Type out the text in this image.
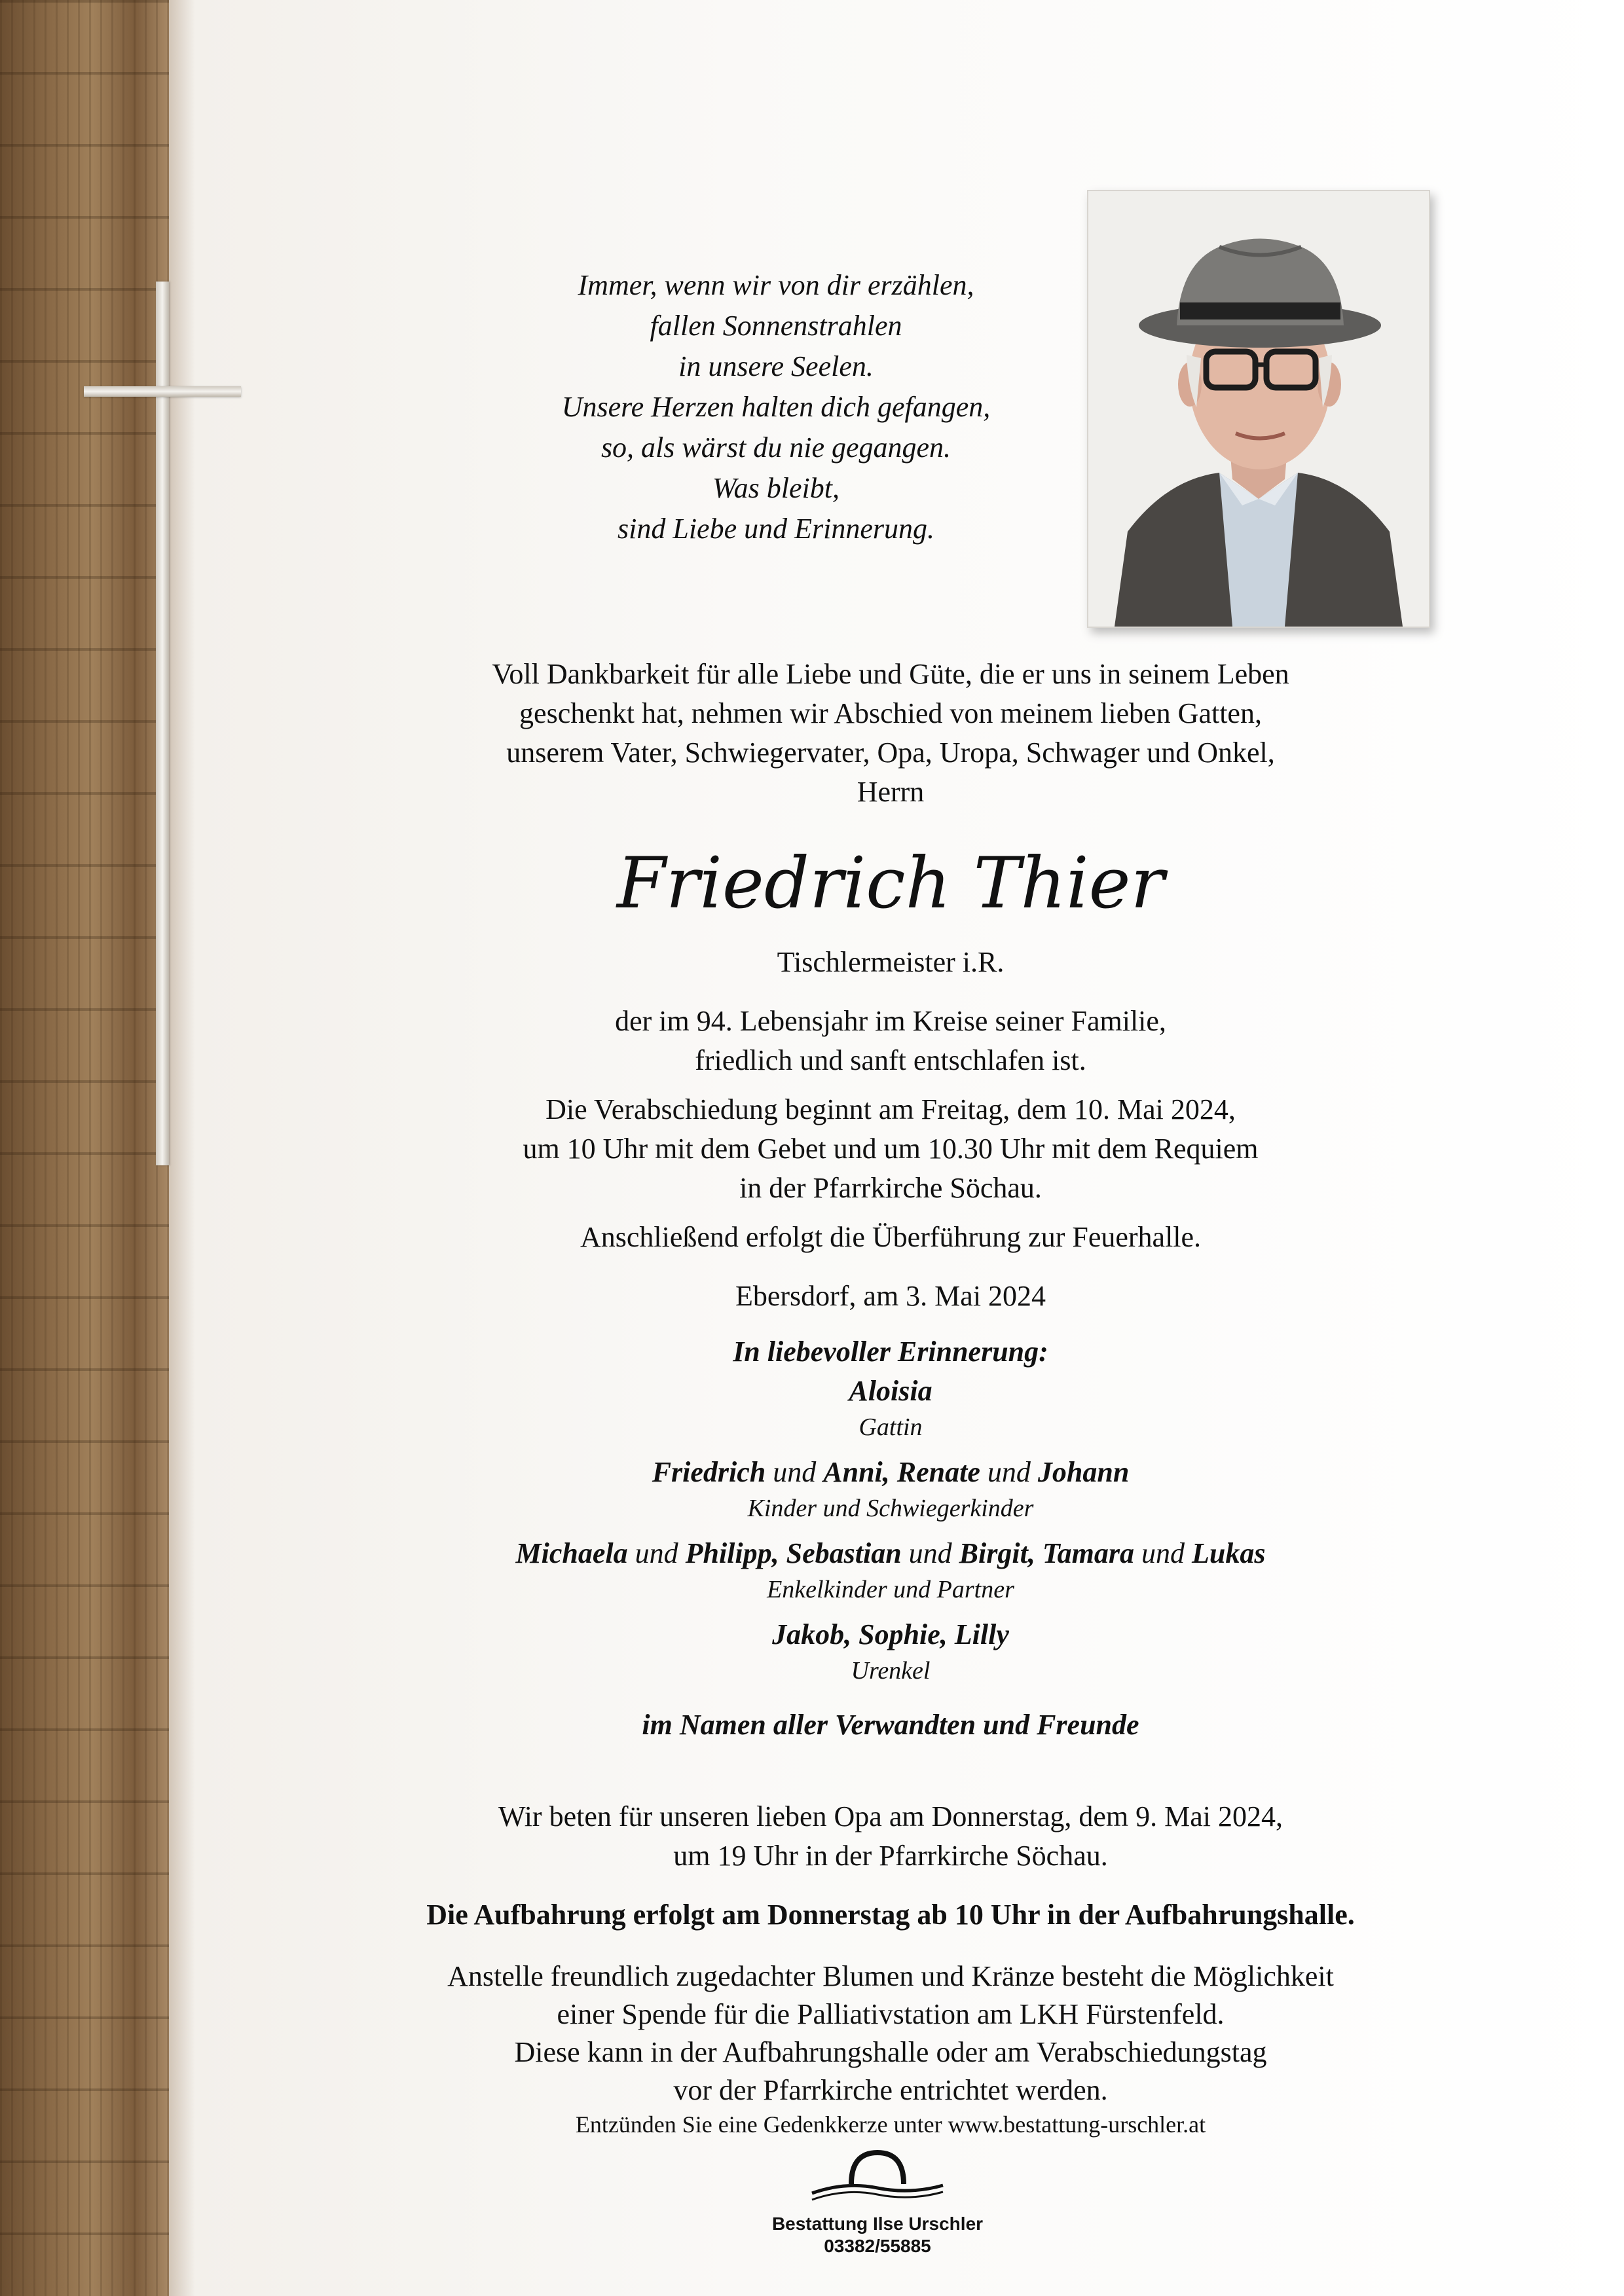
Immer, wenn wir von dir erzählen,
fallen Sonnenstrahlen
in unsere Seelen.
Unsere Herzen halten dich gefangen,
so, als wärst du nie gegangen.
Was bleibt,
sind Liebe und Erinnerung.
Voll Dankbarkeit für alle Liebe und Güte, die er uns in seinem Leben
geschenkt hat, nehmen wir Abschied von meinem lieben Gatten,
unserem Vater, Schwiegervater, Opa, Uropa, Schwager und Onkel,
Herrn
Friedrich Thier
Tischlermeister i.R.
der im 94. Lebensjahr im Kreise seiner Familie,
friedlich und sanft entschlafen ist.
Die Verabschiedung beginnt am Freitag, dem 10. Mai 2024,
um 10 Uhr mit dem Gebet und um 10.30 Uhr mit dem Requiem
in der Pfarrkirche Söchau.
Anschließend erfolgt die Überführung zur Feuerhalle.
Ebersdorf, am 3. Mai 2024
In liebevoller Erinnerung:
Aloisia
Gattin
Friedrich und Anni, Renate und Johann
Kinder und Schwiegerkinder
Michaela und Philipp, Sebastian und Birgit, Tamara und Lukas
Enkelkinder und Partner
Jakob, Sophie, Lilly
Urenkel
im Namen aller Verwandten und Freunde
Wir beten für unseren lieben Opa am Donnerstag, dem 9. Mai 2024,
um 19 Uhr in der Pfarrkirche Söchau.
Die Aufbahrung erfolgt am Donnerstag ab 10 Uhr in der Aufbahrungshalle.
Anstelle freundlich zugedachter Blumen und Kränze besteht die Möglichkeit
einer Spende für die Palliativstation am LKH Fürstenfeld.
Diese kann in der Aufbahrungshalle oder am Verabschiedungstag
vor der Pfarrkirche entrichtet werden.
Entzünden Sie eine Gedenkkerze unter www.bestattung-urschler.at
Bestattung Ilse Urschler
03382/55885
